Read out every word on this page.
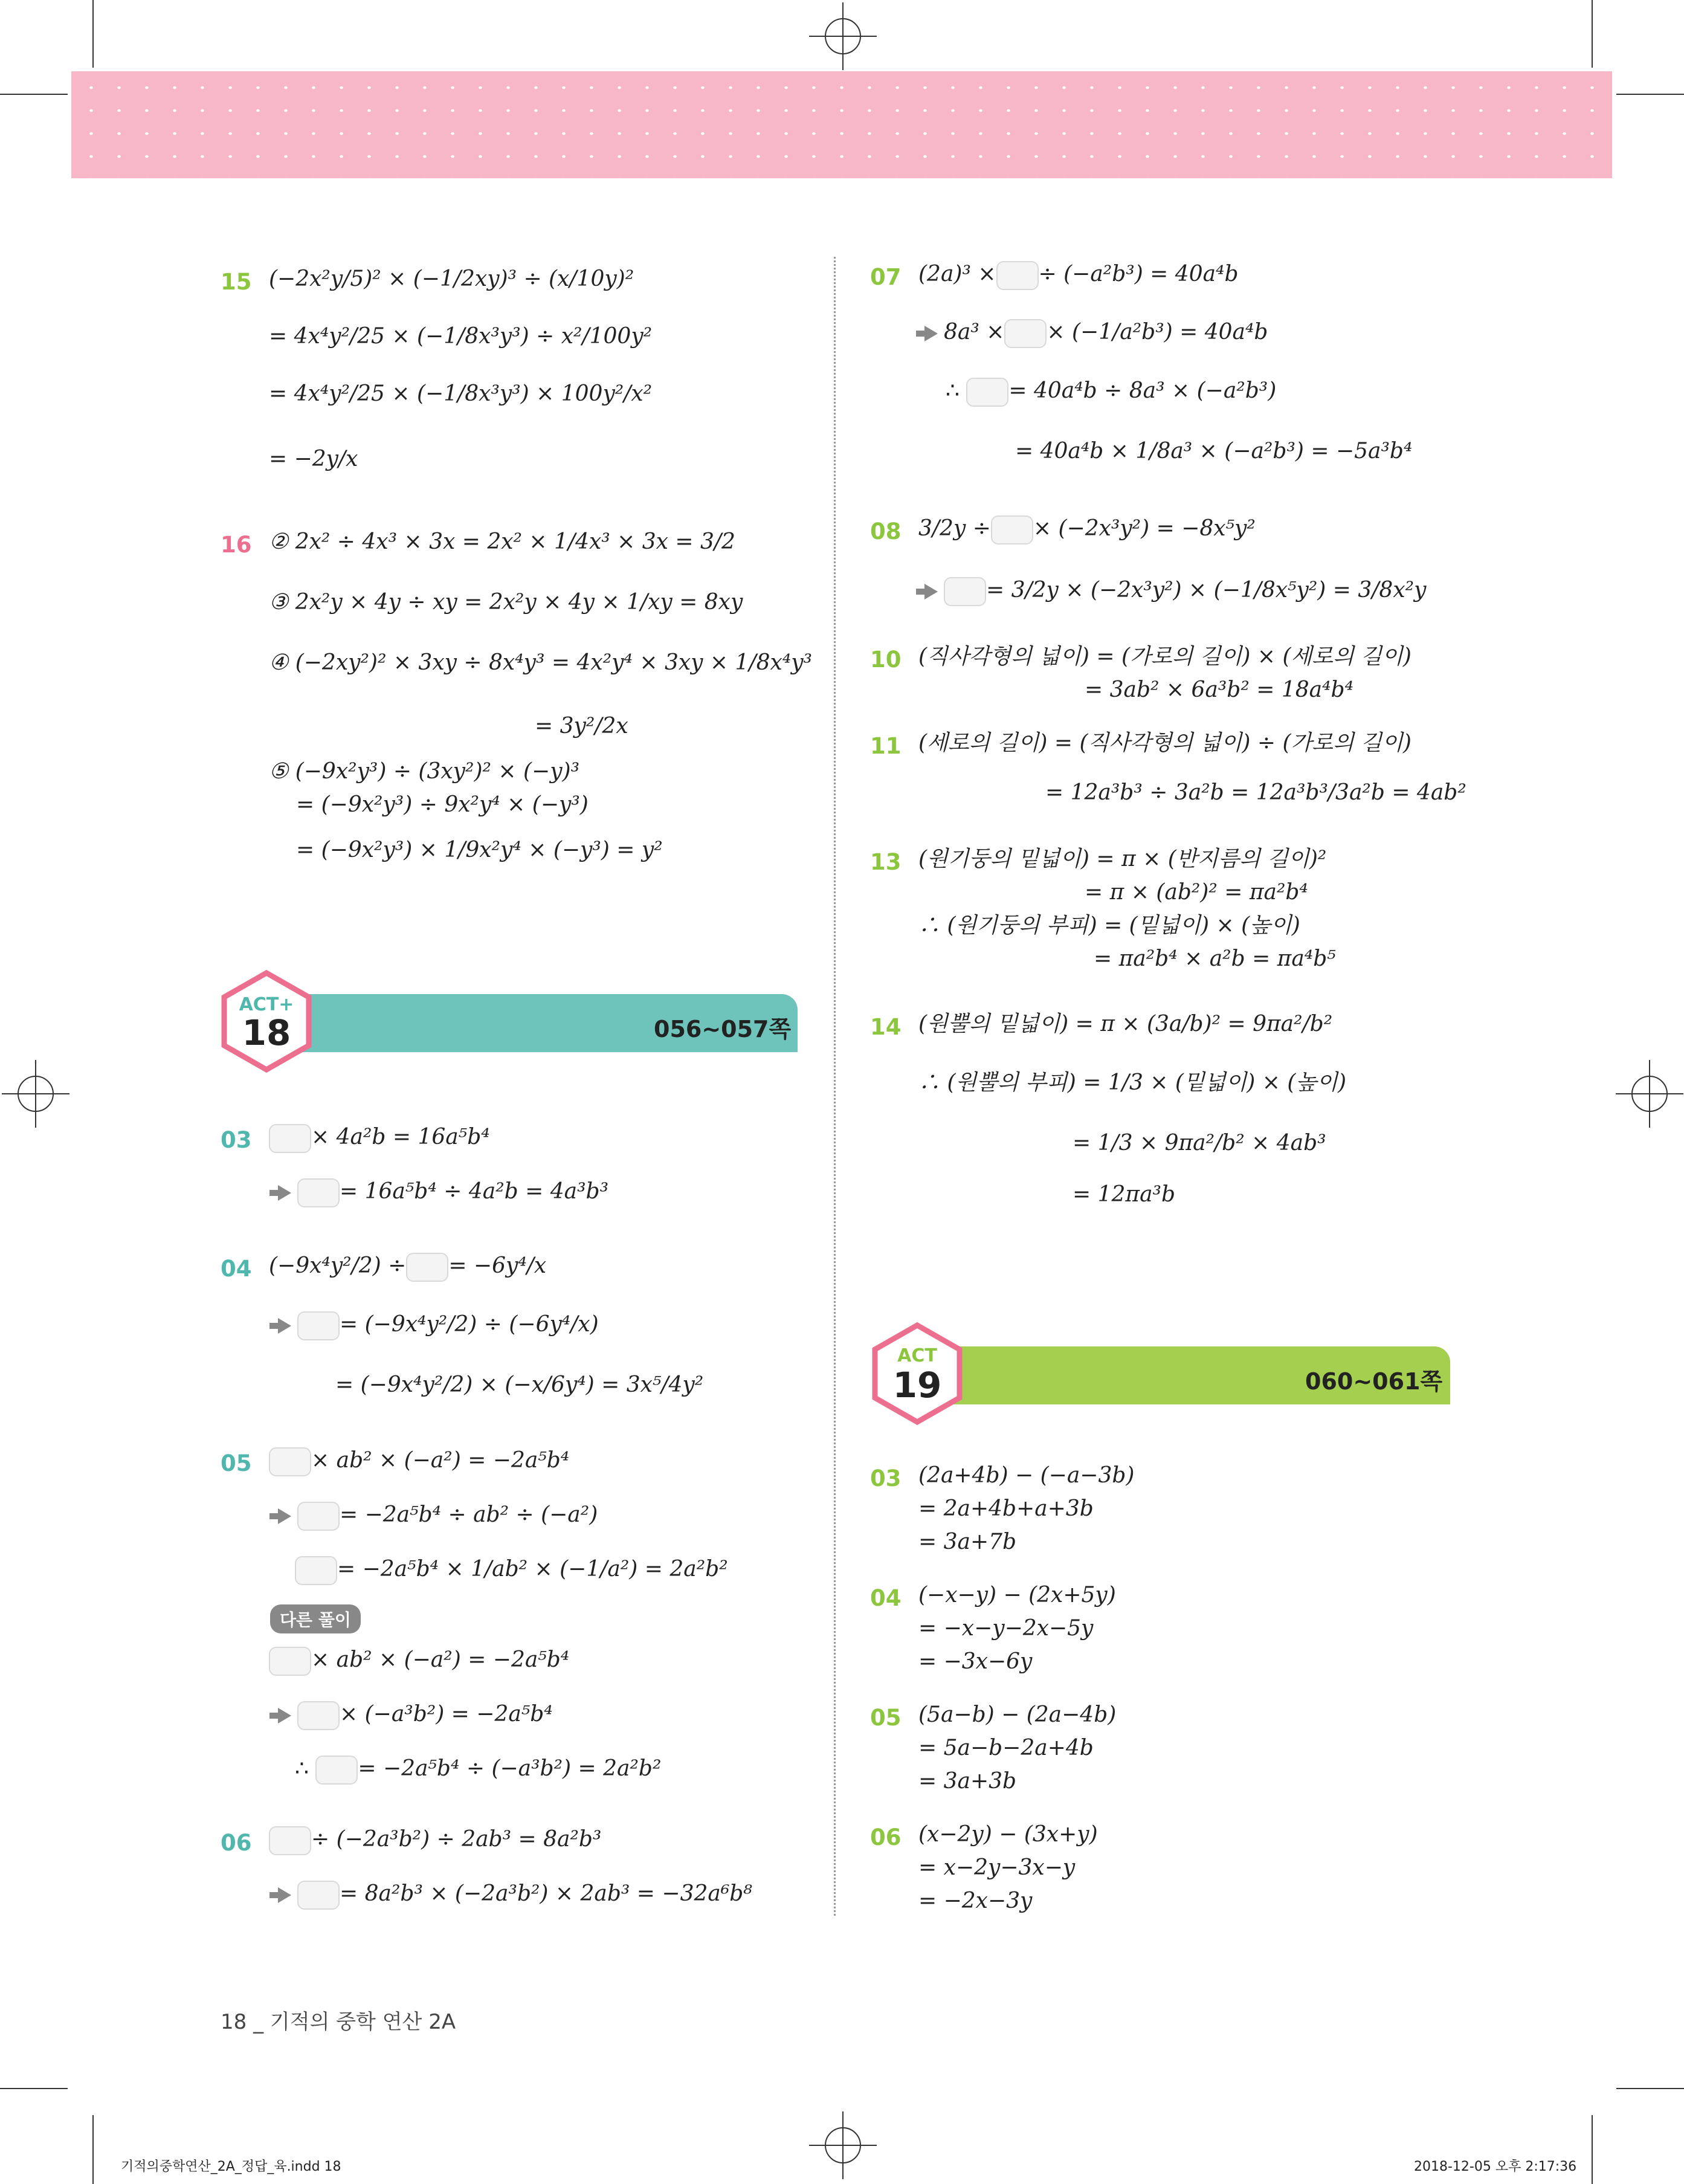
15 (−2x²y/5)² × (−1/2xy)³ ÷ (x/10y)²
= 4x⁴y²/25 × (−1/8x³y³) ÷ x²/100y²
= 4x⁴y²/25 × (−1/8x³y³) × 100y²/x²
= −2y/x
16 ② 2x² ÷ 4x³ × 3x = 2x² × 1/4x³ × 3x = 3/2
③ 2x²y × 4y ÷ xy = 2x²y × 4y × 1/xy = 8xy
④ (−2xy²)² × 3xy ÷ 8x⁴y³ = 4x²y⁴ × 3xy × 1/8x⁴y³
= 3y²/2x
⑤ (−9x²y³) ÷ (3xy²)² × (−y)³
= (−9x²y³) ÷ 9x²y⁴ × (−y³)
= (−9x²y³) × 1/9x²y⁴ × (−y³) = y²
056~057쪽
ACT+
18
03	× 4a²b = 16a⁵b⁴
= 16a⁵b⁴ ÷ 4a²b = 4a³b³
04 (−9x⁴y²/2) ÷ = −6y⁴/x
= (−9x⁴y²/2) ÷ (−6y⁴/x)
= (−9x⁴y²/2) × (−x/6y⁴) = 3x⁵/4y²
05	× ab² × (−a²) = −2a⁵b⁴
= −2a⁵b⁴ ÷ ab² ÷ (−a²)
= −2a⁵b⁴ × 1/ab² × (−1/a²) = 2a²b²
다른 풀이
× ab² × (−a²) = −2a⁵b⁴
× (−a³b²) = −2a⁵b⁴
∴ = −2a⁵b⁴ ÷ (−a³b²) = 2a²b²
06	÷ (−2a³b²) ÷ 2ab³ = 8a²b³
= 8a²b³ × (−2a³b²) × 2ab³ = −32a⁶b⁸
07 (2a)³ × ÷ (−a²b³) = 40a⁴b
8a³ × × (−1/a²b³) = 40a⁴b
∴ = 40a⁴b ÷ 8a³ × (−a²b³)
= 40a⁴b × 1/8a³ × (−a²b³) = −5a³b⁴
08 3/2y ÷ × (−2x³y²) = −8x⁵y²
= 3/2y × (−2x³y²) × (−1/8x⁵y²) = 3/8x²y
10 (직사각형의 넓이) = (가로의 길이) × (세로의 길이)
= 3ab² × 6a³b² = 18a⁴b⁴
11 (세로의 길이) = (직사각형의 넓이) ÷ (가로의 길이)
= 12a³b³ ÷ 3a²b = 12a³b³/3a²b = 4ab²
13 (원기둥의 밑넓이) = π × (반지름의 길이)²
= π × (ab²)² = πa²b⁴
∴ (원기둥의 부피) = (밑넓이) × (높이)
= πa²b⁴ × a²b = πa⁴b⁵
14 (원뿔의 밑넓이) = π × (3a/b)² = 9πa²/b²
∴ (원뿔의 부피) = 1/3 × (밑넓이) × (높이)
= 1/3 × 9πa²/b² × 4ab³
= 12πa³b
060~061쪽
ACT
19
03 (2a+4b) − (−a−3b)
= 2a+4b+a+3b
= 3a+7b
04 (−x−y) − (2x+5y)
= −x−y−2x−5y
= −3x−6y
05 (5a−b) − (2a−4b)
= 5a−b−2a+4b
= 3a+3b
06 (x−2y) − (3x+y)
= x−2y−3x−y
= −2x−3y
18 _ 기적의 중학 연산 2A
기적의중학연산_2A_정답_육.indd 18	2018-12-05 오후 2:17:36
